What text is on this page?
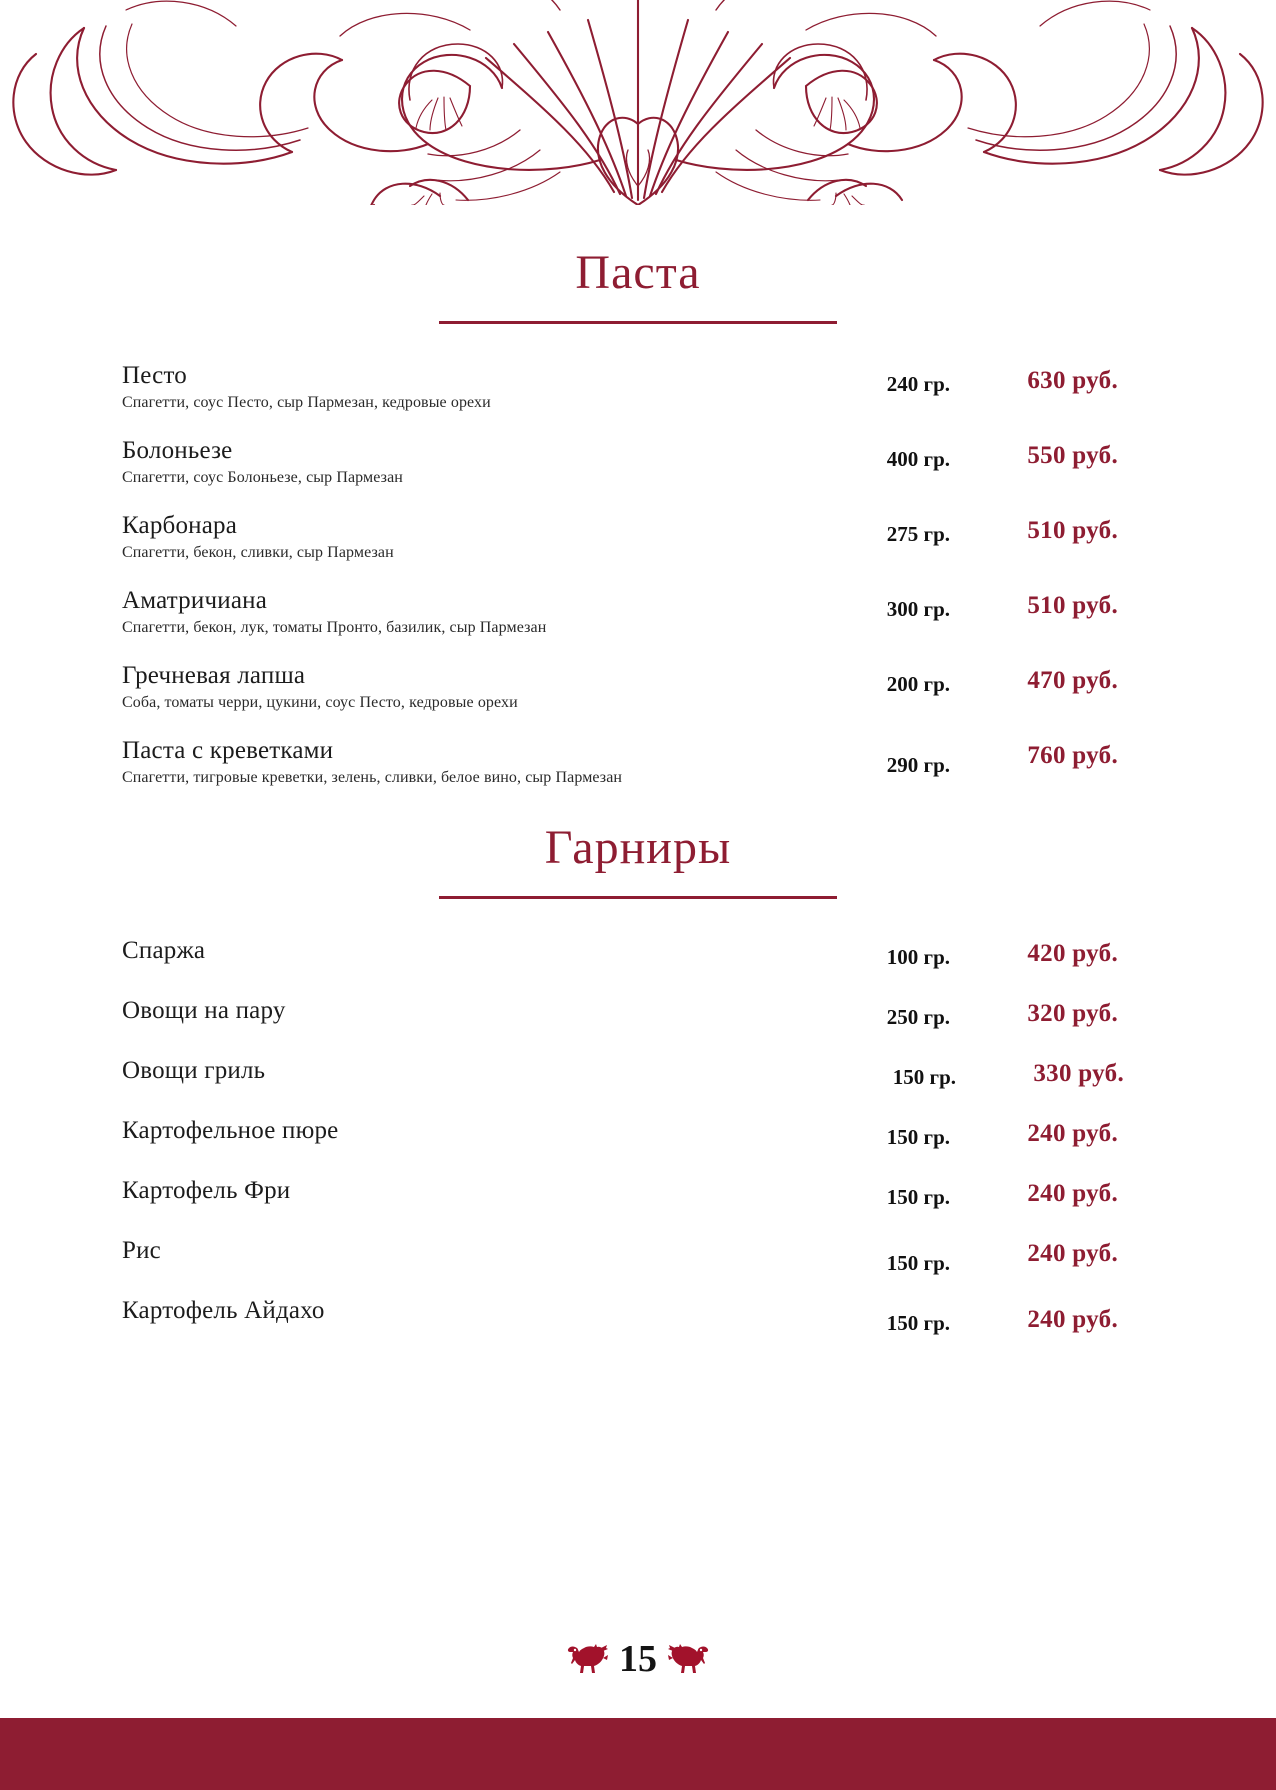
Паста
Песто
Спагетти, соус Песто, сыр Пармезан, кедровые орехи
240 гр.	630 руб.
Болоньезе
Спагетти, соус Болоньезе, сыр Пармезан
400 гр.	550 руб.
Карбонара
Спагетти, бекон, сливки, сыр Пармезан
275 гр.	510 руб.
Аматричиана
Спагетти, бекон, лук, томаты Пронто, базилик, сыр Пармезан
300 гр.	510 руб.
Гречневая лапша
Соба, томаты черри, цукини, соус Песто, кедровые орехи
200 гр.	470 руб.
Паста с креветками
Спагетти, тигровые креветки, зелень, сливки, белое вино, сыр Пармезан	290 гр.	760 руб.
Гарниры
Спаржа	100 гр.	420 руб.
Овощи на пару	250 гр.	320 руб.
Овощи гриль	150 гр.	330 руб.
Картофельное пюре	150 гр.	240 руб.
Картофель Фри	150 гр.	240 руб.
Рис	150 гр.	240 руб.
Картофель Айдахо	150 гр.	240 руб.
15
